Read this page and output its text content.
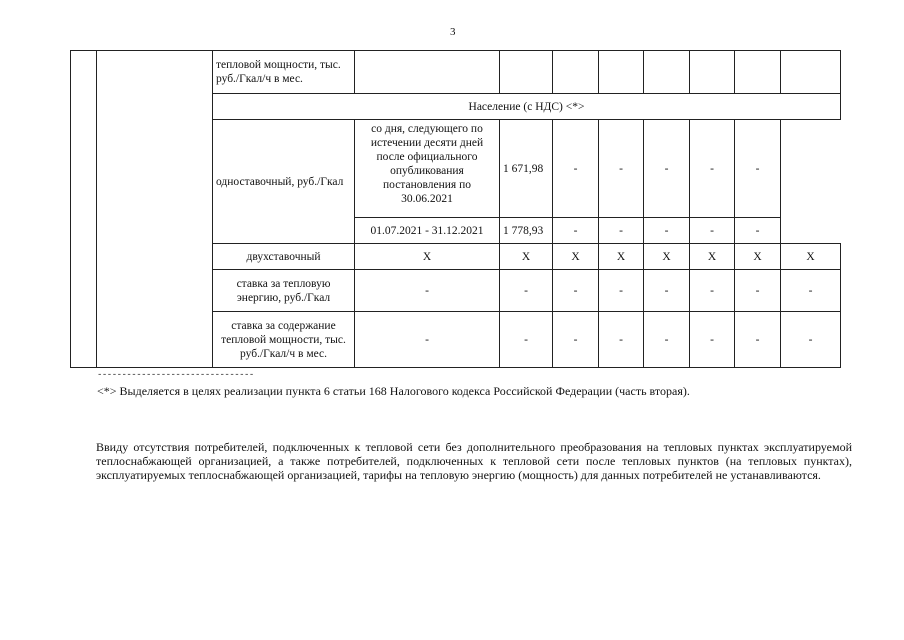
3
		тепловой мощности, тыс. руб./Гкал/ч в мес.								
		Население (с НДС) <*>								
		одноставочный, руб./Гкал	со дня, следующего по истечении десяти дней после официального опубликования постановления по 30.06.2021	1 671,98	-	-	-	-	-	
			01.07.2021 - 31.12.2021	1 778,93	-	-	-	-	-	
		двухставочный	X	X	X	X	X	X	X	X
		ставка за тепловую энергию, руб./Гкал	-	-	-	-	-	-	-	-
		ставка за содержание тепловой мощности, тыс. руб./Гкал/ч в мес.	-	-	-	-	-	-	-	-
--------------------------------
<*> Выделяется в целях реализации пункта 6 статьи 168 Налогового кодекса Российской Федерации (часть вторая).
Ввиду отсутствия потребителей, подключенных к тепловой сети без дополнительного преобразования на тепловых пунктах эксплуатируемой теплоснабжающей организацией, а также потребителей, подключенных к тепловой сети после тепловых пунктов (на тепловых пунктах), эксплуатируемых теплоснабжающей организацией, тарифы на тепловую энергию (мощность) для данных потребителей не устанавливаются.
